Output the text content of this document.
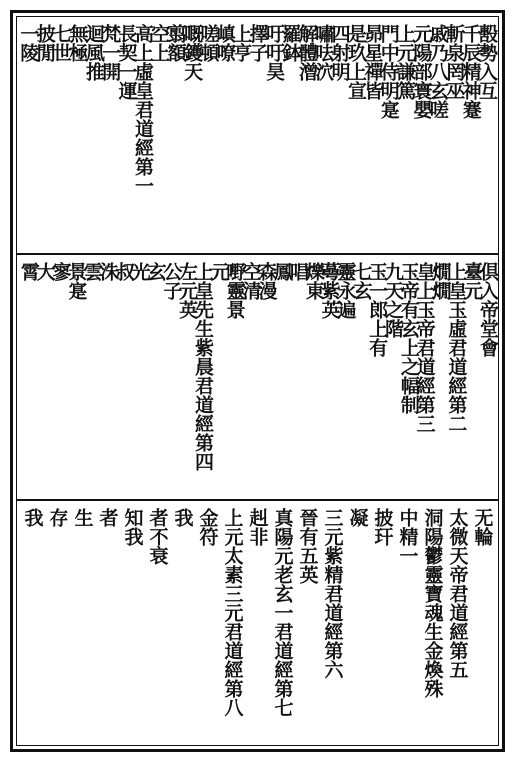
毄勢入互
千辰精神蹇
斬泉罔巫
戚乃八玄嗟
元陽部寰嬰
上元謙篤
門中侍明寔
昴星禪皆
是玖上宣
四射明
嘯呿泬
解體潧
羅鉢
吁吁昊
擇子
上亨
嵮嘹
嗟頓
嘅鑊天
翦額
空上
高上虛皇君道經第一
長契一運
梵一開
迴風推
無極
七世
披閒
一陵
倶入帝堂會
臺元
上皇玉虛君道經第二
燗燗
皇上玉帝君道經第三
玉帝有玄上之幅制
九天之階
玉一郎上有
七玄
靈永遍
蕚紫英
爍東
唱
鳳
森漫
空清
嘢靈景
元
上皇先生紫晨君道經第四
左元英
公子
玄
光
叔
洙
雲
景寔
寥
大
霄
无輪
太微天帝君道經第五
洞陽鬱靈寶魂生金煥殊
中精一
披玕
凝
三元紫精君道經第六
晉有五英
真陽元老玄一君道經第七
赳非
上元太素三元君道經第八
金符
我
者不衰
知我
者
生
存
我
